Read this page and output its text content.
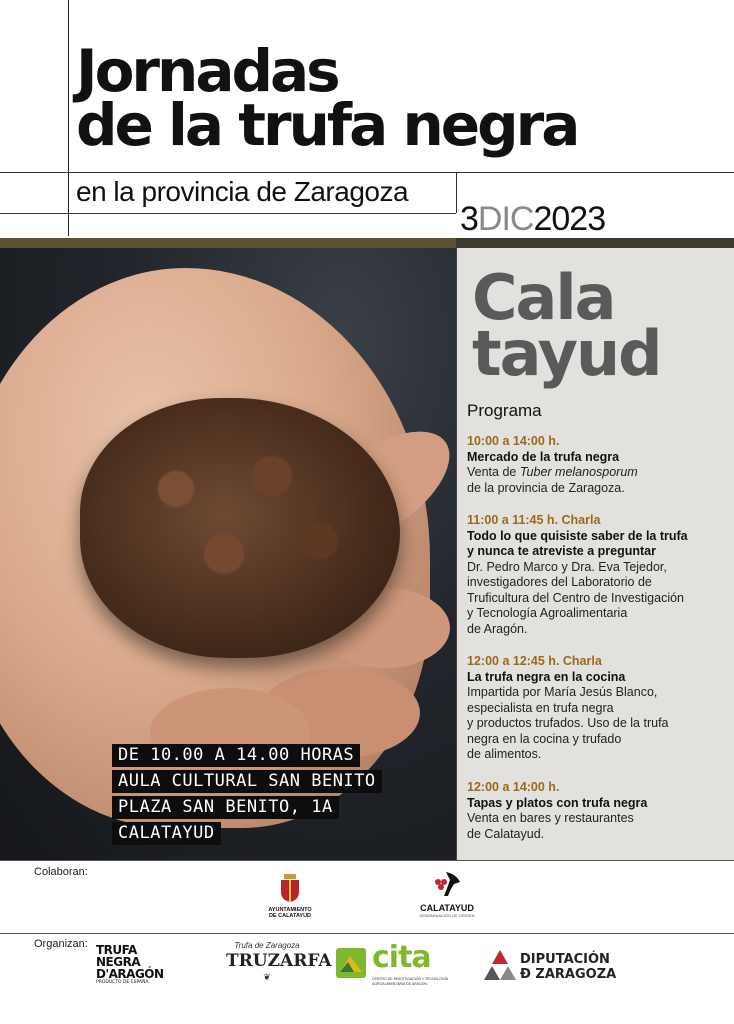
Jornadas
de la trufa negra
en la provincia de Zaragoza
3DIC2023
DE 10.00 A 14.00 HORAS
AULA CULTURAL SAN BENITO
PLAZA SAN BENITO, 1A
CALATAYUD
Cala
tayud
Programa
10:00 a 14:00 h.
Mercado de la trufa negra
Venta de Tuber melanosporum
de la provincia de Zaragoza.
11:00 a 11:45 h. Charla
Todo lo que quisiste saber de la trufa
y nunca te atreviste a preguntar
Dr. Pedro Marco y Dra. Eva Tejedor,
investigadores del Laboratorio de
Truficultura del Centro de Investigación
y Tecnología Agroalimentaria
de Aragón.
12:00 a 12:45 h. Charla
La trufa negra en la cocina
Impartida por María Jesús Blanco,
especialista en trufa negra
y productos trufados. Uso de la trufa
negra en la cocina y trufado
de alimentos.
12:00 a 14:00 h.
Tapas y platos con trufa negra
Venta en bares y restaurantes
de Calatayud.
Colaboran:
AYUNTAMIENTO
DE CALATAYUD
CALATAYUD
DENOMINACIÓN DE ORIGEN
Organizan: TRUFA
NEGRA
D'ARAGÓN
PRODUCTO DE ESPAÑA
Trufa de Zaragoza
TRUZARFA
❦
cita
CENTRO DE INVESTIGACIÓN Y TECNOLOGÍA
AGROALIMENTARIA DE ARAGÓN
DIPUTACIÓN
Ð ZARAGOZA
